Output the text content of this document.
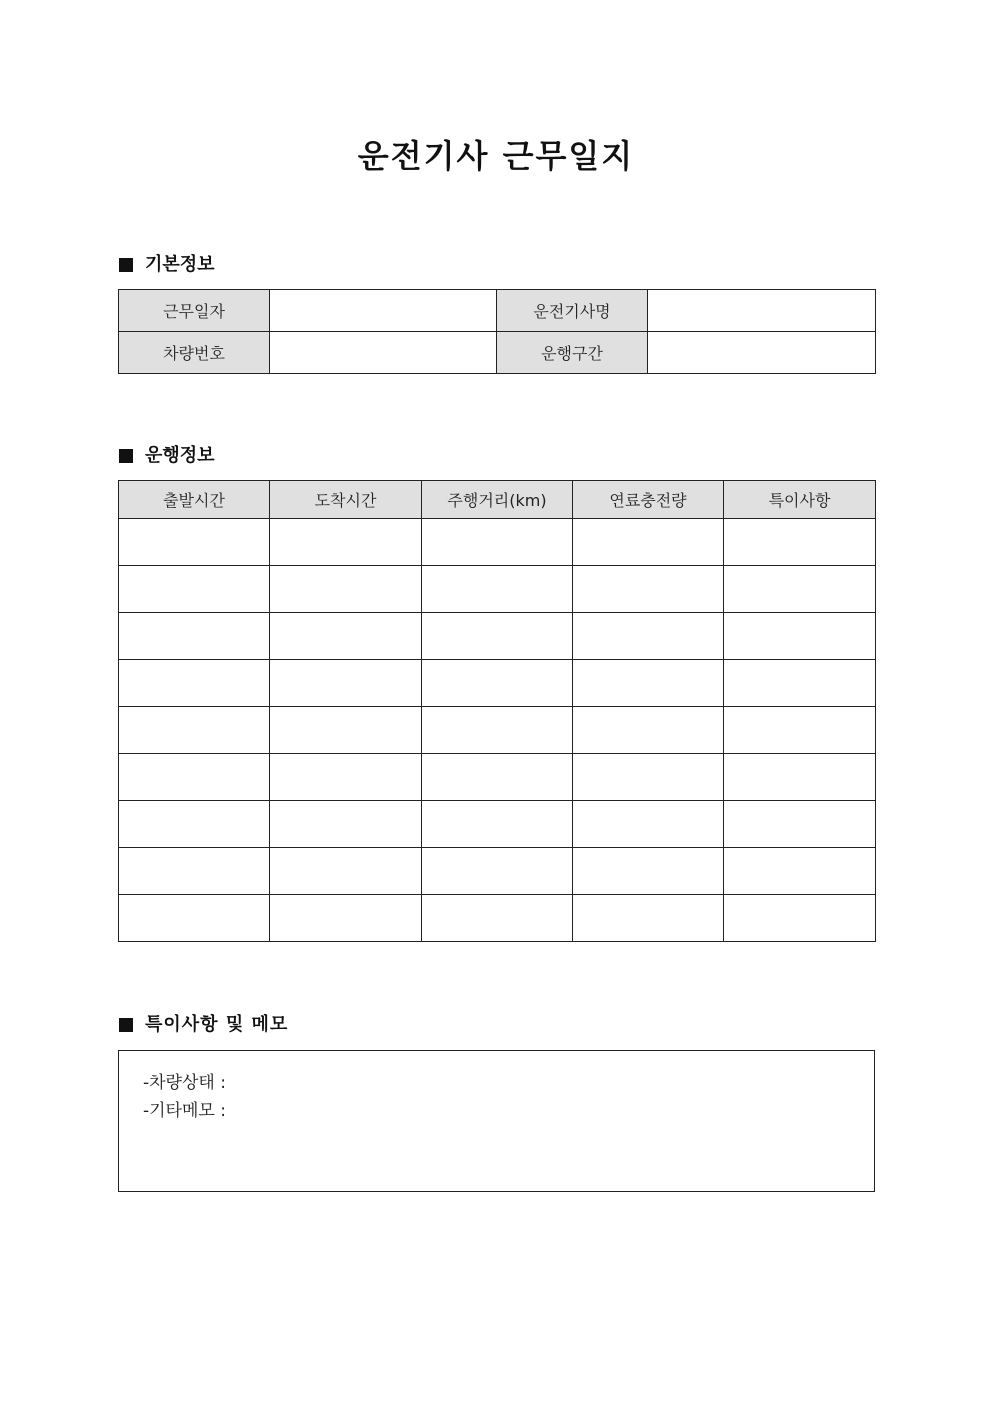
운전기사 근무일지
기본정보
근무일자		운전기사명	
차량번호		운행구간	
운행정보
출발시간	도착시간	주행거리(km)	연료충전량	특이사항

특이사항 및 메모
-차량상태 :
-기타메모 :
